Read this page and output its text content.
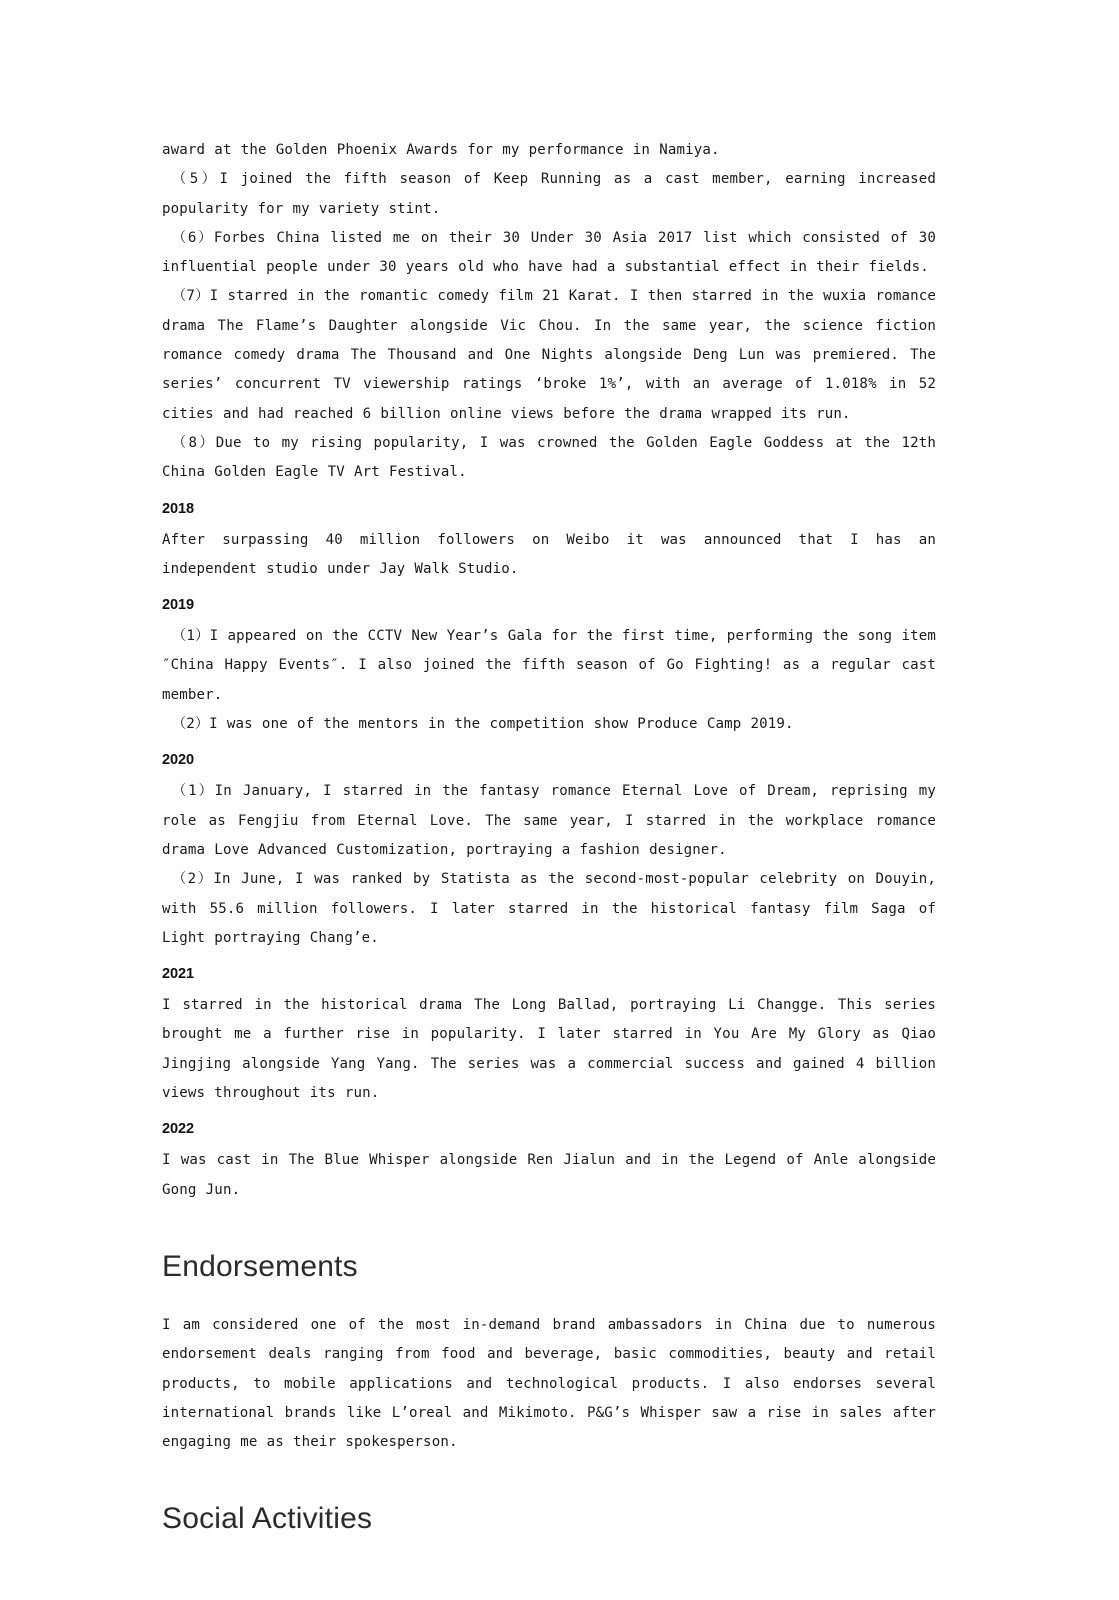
award at the Golden Phoenix Awards for my performance in Namiya.

（5）I joined the fifth season of Keep Running as a cast member, earning increased popularity for my variety stint.

（6）Forbes China listed me on their 30 Under 30 Asia 2017 list which consisted of 30 influential people under 30 years old who have had a substantial effect in their fields.

（7）I starred in the romantic comedy film 21 Karat. I then starred in the wuxia romance drama The Flame’s Daughter alongside Vic Chou. In the same year, the science fiction romance comedy drama The Thousand and One Nights alongside Deng Lun was premiered. The series’ concurrent TV viewership ratings ‘broke 1%’, with an average of 1.018% in 52 cities and had reached 6 billion online views before the drama wrapped its run.

（8）Due to my rising popularity, I was crowned the Golden Eagle Goddess at the 12th China Golden Eagle TV Art Festival.

2018

After surpassing 40 million followers on Weibo it was announced that I has an independent studio under Jay Walk Studio.

2019

（1）I appeared on the CCTV New Year’s Gala for the first time, performing the song item ″China Happy Events″. I also joined the fifth season of Go Fighting! as a regular cast member.

（2）I was one of the mentors in the competition show Produce Camp 2019.

2020

（1）In January, I starred in the fantasy romance Eternal Love of Dream, reprising my role as Fengjiu from Eternal Love. The same year, I starred in the workplace romance drama Love Advanced Customization, portraying a fashion designer.

（2）In June, I was ranked by Statista as the second-most-popular celebrity on Douyin, with 55.6 million followers. I later starred in the historical fantasy film Saga of Light portraying Chang’e.

2021

I starred in the historical drama The Long Ballad, portraying Li Changge. This series brought me a further rise in popularity. I later starred in You Are My Glory as Qiao Jingjing alongside Yang Yang. The series was a commercial success and gained 4 billion views throughout its run.

2022

I was cast in The Blue Whisper alongside Ren Jialun and in the Legend of Anle alongside Gong Jun.

Endorsements

I am considered one of the most in-demand brand ambassadors in China due to numerous endorsement deals ranging from food and beverage, basic commodities, beauty and retail products, to mobile applications and technological products. I also endorses several international brands like L’oreal and Mikimoto. P&G’s Whisper saw a rise in sales after engaging me as their spokesperson.

Social Activities
